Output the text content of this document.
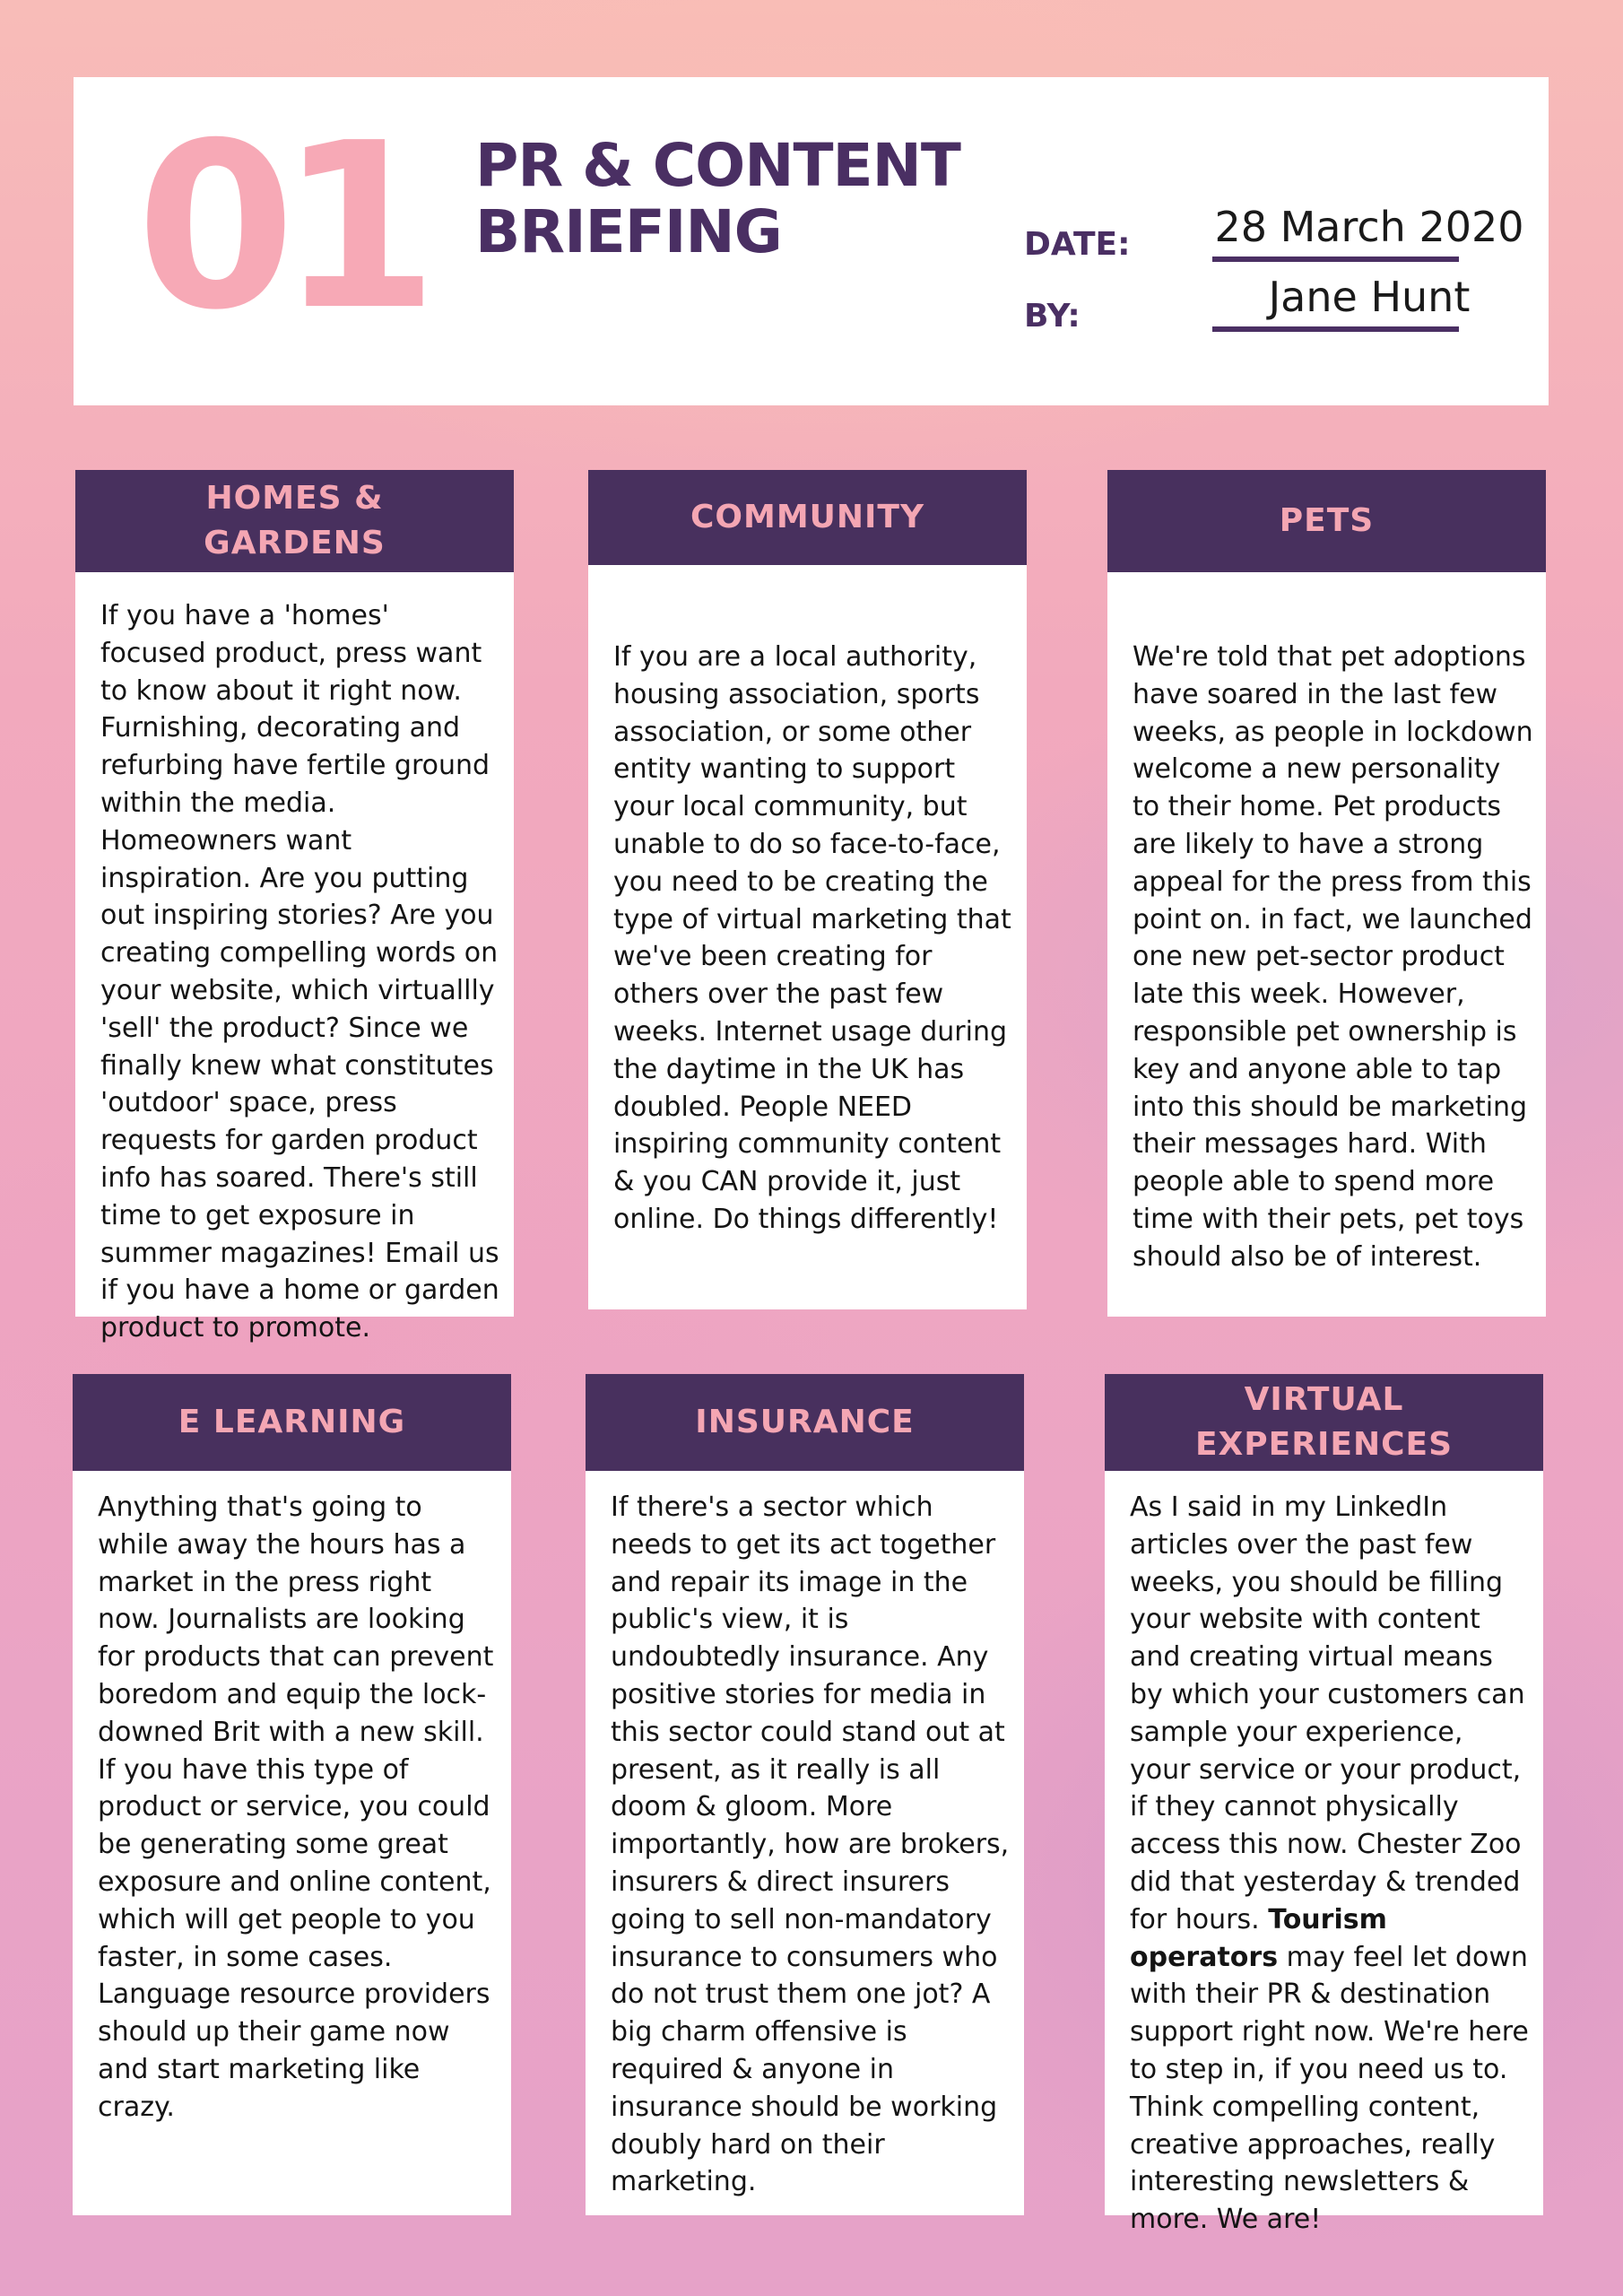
01 PR & CONTENT
BRIEFING	DATE:	28 March 2020
BY:	Jane Hunt
HOMES &
GARDENS
If you have a 'homes' focused product, press want to know about it right now. Furnishing, decorating and refurbing have fertile ground within the media. Homeowners want inspiration. Are you putting out inspiring stories? Are you creating compelling words on your website, which virtuallly 'sell' the product? Since we finally knew what constitutes 'outdoor' space, press requests for garden product info has soared. There's still time to get exposure in summer magazines! Email us if you have a home or garden product to promote.
COMMUNITY
If you are a local authority, housing association, sports association, or some other entity wanting to support your local community, but unable to do so face-to-face, you need to be creating the type of virtual marketing that we've been creating for others over the past few weeks. Internet usage during the daytime in the UK has doubled. People NEED inspiring community content & you CAN provide it, just online. Do things differently!
PETS
We're told that pet adoptions have soared in the last few weeks, as people in lockdown welcome a new personality to their home. Pet products are likely to have a strong appeal for the press from this point on. in fact, we launched one new pet-sector product late this week. However, responsible pet ownership is key and anyone able to tap into this should be marketing their messages hard. With people able to spend more time with their pets, pet toys should also be of interest.
E LEARNING
Anything that's going to while away the hours has a market in the press right now. Journalists are looking for products that can prevent boredom and equip the lock-downed Brit with a new skill. If you have this type of product or service, you could be generating some great exposure and online content, which will get people to you faster, in some cases. Language resource providers should up their game now and start marketing like crazy.
INSURANCE
If there's a sector which needs to get its act together and repair its image in the public's view, it is undoubtedly insurance. Any positive stories for media in this sector could stand out at present, as it really is all doom & gloom. More importantly, how are brokers, insurers & direct insurers going to sell non-mandatory insurance to consumers who do not trust them one jot? A big charm offensive is required & anyone in insurance should be working doubly hard on their marketing.
VIRTUAL
EXPERIENCES
As I said in my LinkedIn articles over the past few weeks, you should be filling your website with content and creating virtual means by which your customers can sample your experience, your service or your product, if they cannot physically access this now. Chester Zoo did that yesterday & trended for hours. Tourism operators may feel let down with their PR & destination support right now. We're here to step in, if you need us to. Think compelling content, creative approaches, really interesting newsletters & more. We are!
